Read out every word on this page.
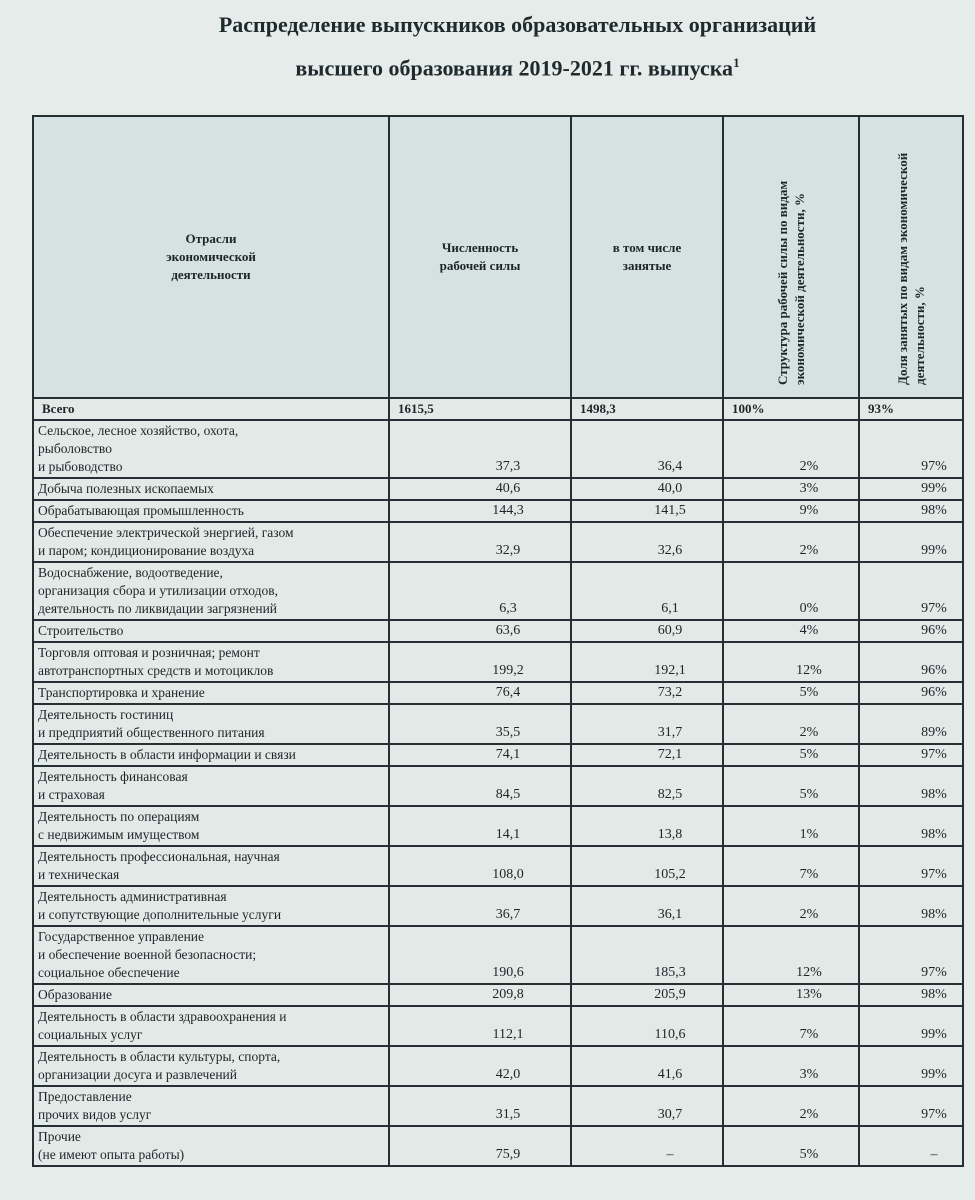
Распределение выпускников образовательных организаций
высшего образования 2019-2021 гг. выпуска$^1$
Отрасли экономической деятельности	Численность рабочей силы	в том числе занятые	Структура рабочей силы по видам экономической деятельности, %	Доля занятых по видам экономической деятельности, %
Всего	1615,5	1498,3	100%	93%
Сельское, лесное хозяйство, охота,
рыболовство
и рыбоводство	37,3	36,4	2%	97%
Добыча полезных ископаемых	40,6	40,0	3%	99%
Обрабатывающая промышленность	144,3	141,5	9%	98%
Обеспечение электрической энергией, газом
и паром; кондиционирование воздуха	32,9	32,6	2%	99%
Водоснабжение, водоотведение,
организация сбора и утилизации отходов,
деятельность по ликвидации загрязнений	6,3	6,1	0%	97%
Строительство	63,6	60,9	4%	96%
Торговля оптовая и розничная; ремонт
автотранспортных средств и мотоциклов	199,2	192,1	12%	96%
Транспортировка и хранение	76,4	73,2	5%	96%
Деятельность гостиниц
и предприятий общественного питания	35,5	31,7	2%	89%
Деятельность в области информации и связи	74,1	72,1	5%	97%
Деятельность финансовая
и страховая	84,5	82,5	5%	98%
Деятельность по операциям
с недвижимым имуществом	14,1	13,8	1%	98%
Деятельность профессиональная, научная
и техническая	108,0	105,2	7%	97%
Деятельность административная
и сопутствующие дополнительные услуги	36,7	36,1	2%	98%
Государственное управление
и обеспечение военной безопасности;
социальное обеспечение	190,6	185,3	12%	97%
Образование	209,8	205,9	13%	98%
Деятельность в области здравоохранения и
социальных услуг	112,1	110,6	7%	99%
Деятельность в области культуры, спорта,
организации досуга и развлечений	42,0	41,6	3%	99%
Предоставление
прочих видов услуг	31,5	30,7	2%	97%
Прочие
(не имеют опыта работы)	75,9	–	5%	–
